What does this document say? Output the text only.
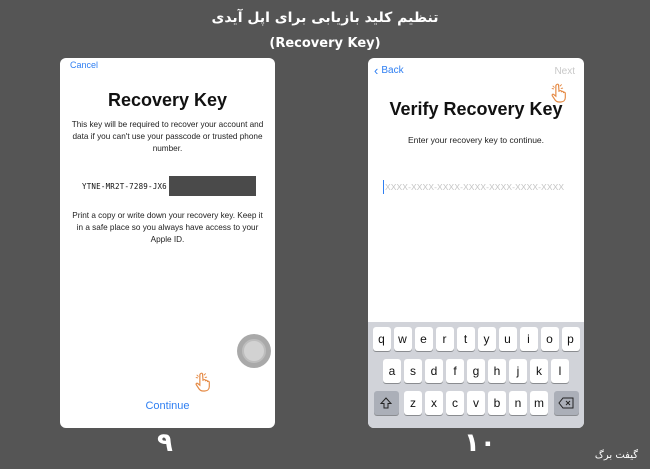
تنظیم کلید بازیابی برای اپل آیدی
(Recovery Key)
Cancel
Recovery Key
This key will be required to recover your account and data if you can't use your passcode or trusted phone number.
YTNE-MR2T-7289-JX6
Print a copy or write down your recovery key. Keep it in a safe place so you always have access to your Apple ID.
Continue
‹ Back	Next
Verify Recovery Key
Enter your recovery key to continue.
XXXX-XXXX-XXXX-XXXX-XXXX-XXXX-XXXX
q	w	e	r	t	y	u	i	o	p
a	s	d	f	g	h	j	k	l
z	x	c	v	b	n	m
۹	۱۰	گیفت برگ
